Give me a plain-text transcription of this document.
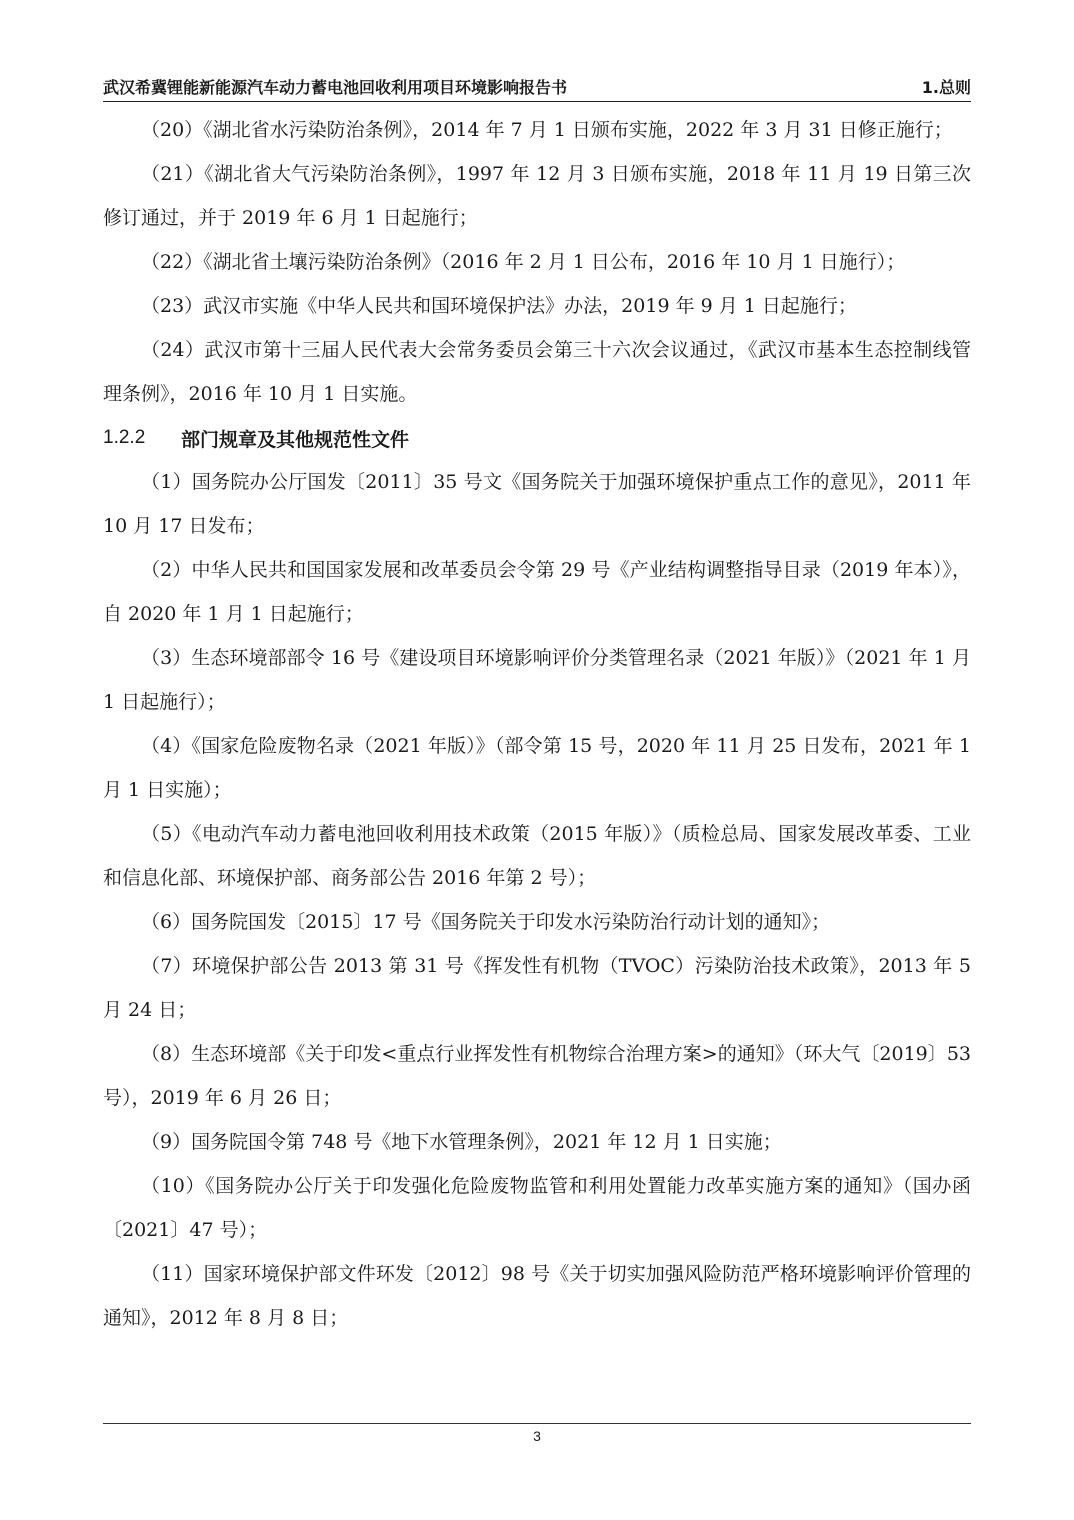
武汉希冀锂能新能源汽车动力蓄电池回收利用项目环境影响报告书	1.总则

（20）《湖北省水污染防治条例》，2014 年 7 月 1 日颁布实施，2022 年 3 月 31 日修正施行；

（21）《湖北省大气污染防治条例》，1997 年 12 月 3 日颁布实施，2018 年 11 月 19 日第三次修订通过，并于 2019 年 6 月 1 日起施行；

（22）《湖北省土壤污染防治条例》（2016 年 2 月 1 日公布，2016 年 10 月 1 日施行）；

（23）武汉市实施《中华人民共和国环境保护法》办法，2019 年 9 月 1 日起施行；

（24）武汉市第十三届人民代表大会常务委员会第三十六次会议通过，《武汉市基本生态控制线管理条例》，2016 年 10 月 1 日实施。

1.2.2	部门规章及其他规范性文件

（1）国务院办公厅国发〔2011〕35 号文《国务院关于加强环境保护重点工作的意见》，2011 年 10 月 17 日发布；

（2）中华人民共和国国家发展和改革委员会令第 29 号《产业结构调整指导目录（2019 年本）》，自 2020 年 1 月 1 日起施行；

（3）生态环境部部令 16 号《建设项目环境影响评价分类管理名录（2021 年版）》（2021 年 1 月 1 日起施行）；

（4）《国家危险废物名录（2021 年版）》（部令第 15 号，2020 年 11 月 25 日发布，2021 年 1 月 1 日实施）；

（5）《电动汽车动力蓄电池回收利用技术政策（2015 年版）》（质检总局、国家发展改革委、工业和信息化部、环境保护部、商务部公告 2016 年第 2 号）；

（6）国务院国发〔2015〕17 号《国务院关于印发水污染防治行动计划的通知》；

（7）环境保护部公告 2013 第 31 号《挥发性有机物（TVOC）污染防治技术政策》，2013 年 5 月 24 日；

（8）生态环境部《关于印发<重点行业挥发性有机物综合治理方案>的通知》（环大气〔2019〕53 号），2019 年 6 月 26 日；

（9）国务院国令第 748 号《地下水管理条例》，2021 年 12 月 1 日实施；

（10）《国务院办公厅关于印发强化危险废物监管和利用处置能力改革实施方案的通知》（国办函〔2021〕47 号）；

（11）国家环境保护部文件环发〔2012〕98 号《关于切实加强风险防范严格环境影响评价管理的通知》，2012 年 8 月 8 日；

3
